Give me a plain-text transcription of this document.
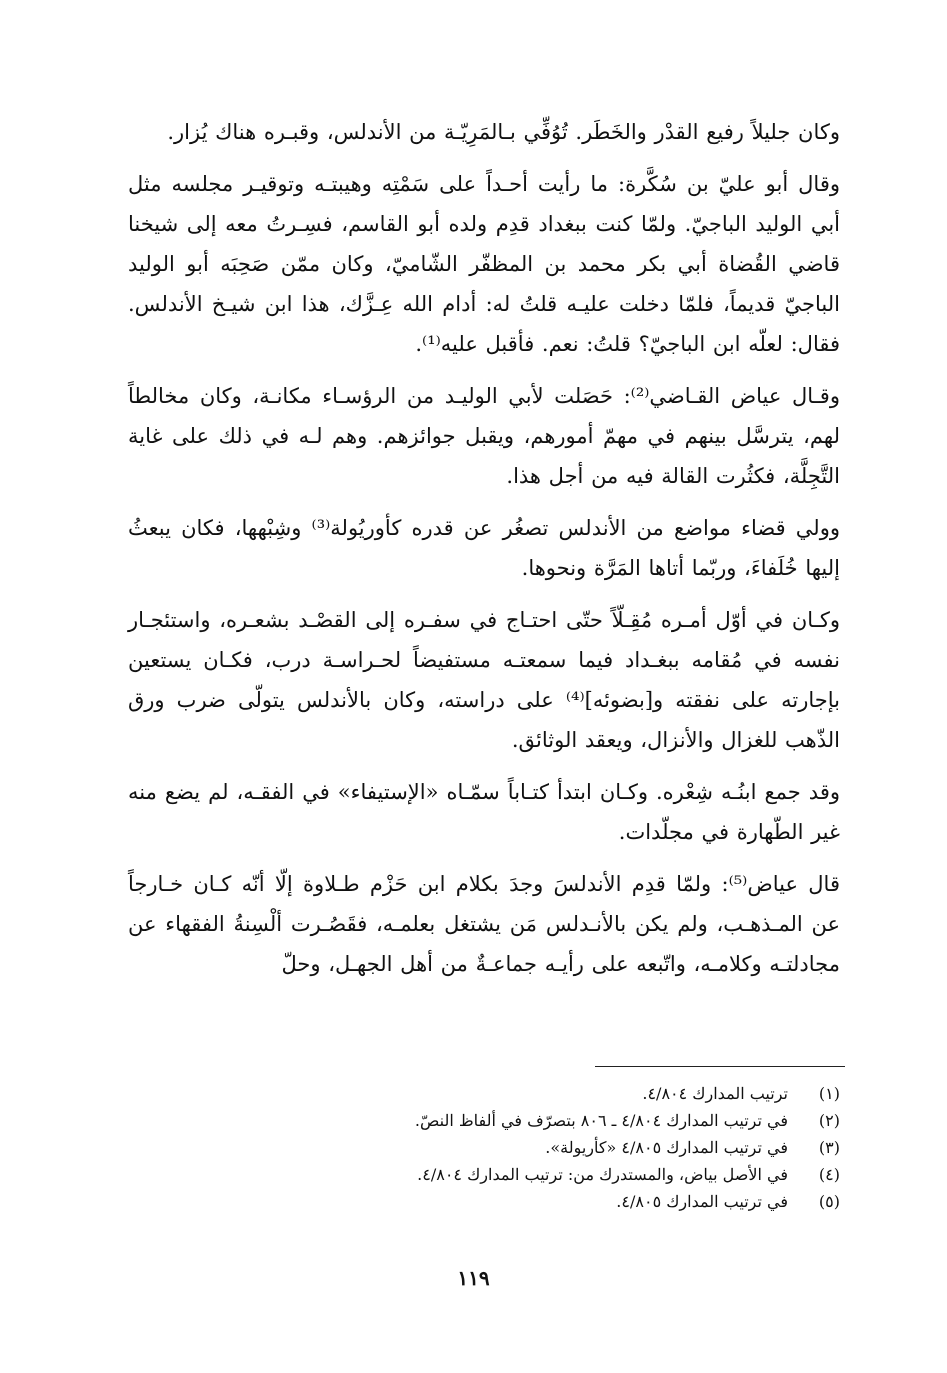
وكان جليلاً رفيع القدْر والخَطَر. تُوُفِّي بـالمَرِيّـة من الأندلس، وقبـره هناك يُزار.

وقال أبو عليّ بن سُكَّرة: ما رأيت أحـداً على سَمْتِه وهيبتـه وتوقيـر مجلسه مثل أبي الوليد الباجيّ. ولمّا كنت ببغداد قدِم ولده أبو القاسم، فسِـرتُ معه إلى شيخنا قاضي القُضاة أبي بكر محمد بن المظفّر الشّاميّ، وكان ممّن صَحِبَه أبو الوليد الباجيّ قديماً، فلمّا دخلت عليـه قلتُ له: أدام الله عِـزَّك، هذا ابن شيـخ الأندلس. فقال: لعلّه ابن الباجيّ؟ قلتُ: نعم. فأقبل عليه⁽¹⁾.

وقـال عياض القـاضي⁽²⁾: حَصَلت لأبي الوليـد من الرؤسـاء مكانـة، وكان مخالطاً لهم، يترسَّل بينهم في مهمّ أمورهم، ويقبل جوائزهم. وهم لـه في ذلك على غاية التَّجِلَّة، فكثُرت القالة فيه من أجل هذا.

وولي قضاء مواضع من الأندلس تصغُر عن قدره كأوريُولة⁽³⁾ وشِبْهها، فكان يبعثُ إليها خُلَفاءَ، وربّما أتاها المَرَّة ونحوها.

وكـان في أوّل أمـره مُقِـلّاً حتّى احتـاج في سفـره إلى القصْـد بشعـره، واستئجـار نفسه في مُقامه ببغـداد فيما سمعتـه مستفيضاً لحـراسـة درب، فكـان يستعين بإجارته على نفقته و[بضوئه]⁽⁴⁾ على دراسته، وكان بالأندلس يتولّى ضرب ورق الذّهب للغزال والأنزال، ويعقد الوثائق.

وقد جمع ابنُـه شِعْره. وكـان ابتدأ كتـاباً سمّـاه «الإستيفاء» في الفقـه، لم يضع منه غير الطّهارة في مجلّدات.

قال عياض⁽⁵⁾: ولمّا قدِم الأندلسَ وجدَ بكلام ابن حَزْم طـلاوة إلّا أنّه كـان خـارجاً عن المـذهـب، ولم يكن بالأنـدلس مَن يشتغل بعلمـه، فقَصُـرت ألْسِنةُ الفقهاء عن مجادلتـه وكلامـه، واتّبعه على رأيـه جماعـةٌ من أهل الجهـل، وحلّ

(١)
ترتيب المدارك ٤/٨٠٤.
(٢)
في ترتيب المدارك ٤/٨٠٤ ـ ٨٠٦ بتصرّف في ألفاظ النصّ.
(٣)
في ترتيب المدارك ٤/٨٠٥ «كأريولة».
(٤)
في الأصل بياض، والمستدرك من: ترتيب المدارك ٤/٨٠٤.
(٥)
في ترتيب المدارك ٤/٨٠٥.
١١٩
